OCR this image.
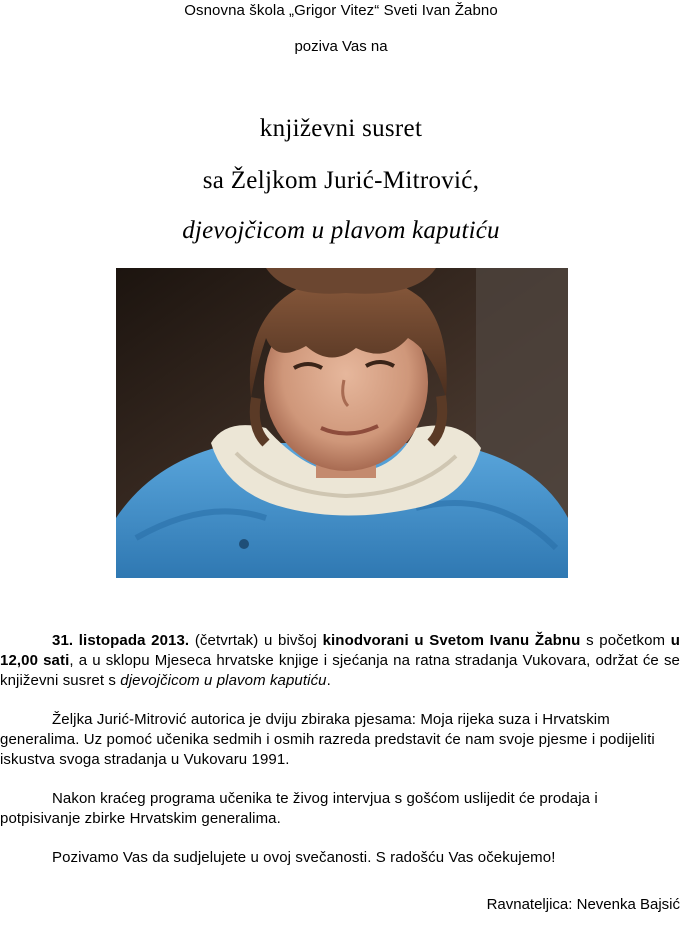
Osnovna škola „Grigor Vitez“ Sveti Ivan Žabno
poziva Vas na
književni susret
sa Željkom Jurić-Mitrović,
djevojčicom u plavom kaputiću

31. listopada 2013. (četvrtak) u bivšoj kinodvorani u Svetom Ivanu Žabnu s početkom u 12,00 sati, a u sklopu Mjeseca hrvatske knjige i sjećanja na ratna stradanja Vukovara, održat će se književni susret s djevojčicom u plavom kaputiću.

Željka Jurić-Mitrović autorica je dviju zbiraka pjesama: Moja rijeka suza i Hrvatskim generalima. Uz pomoć učenika sedmih i osmih razreda predstavit će nam svoje pjesme i podijeliti iskustva svoga stradanja u Vukovaru 1991.

Nakon kraćeg programa učenika te živog intervjua s gošćom uslijedit će prodaja i potpisivanje zbirke Hrvatskim generalima.

Pozivamo Vas da sudjelujete u ovoj svečanosti. S radošću Vas očekujemo!

Ravnateljica: Nevenka Bajsić
